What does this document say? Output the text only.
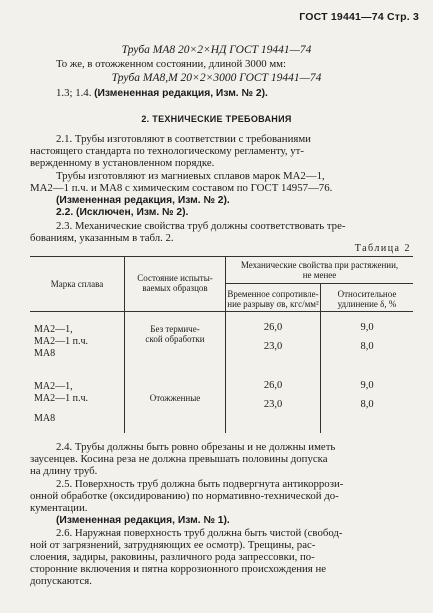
ГОСТ 19441—74 Стр. 3
Труба МА8 20×2×НД ГОСТ 19441—74
То же, в отожженном состоянии, длиной 3000 мм:
Труба МА8,М 20×2×3000 ГОСТ 19441—74
1.3; 1.4. (Измененная редакция, Изм. № 2).
2. ТЕХНИЧЕСКИЕ ТРЕБОВАНИЯ
2.1. Трубы изготовляют в соответствии с требованиями
настоящего стандарта по технологическому регламенту, ут-
вержденному в установленном порядке.
Трубы изготовляют из магниевых сплавов марок МА2—1,
МА2—1 п.ч. и МА8 с химическим составом по ГОСТ 14957—76.
(Измененная редакция, Изм. № 2).
2.2. (Исключен, Изм. № 2).
2.3. Механические свойства труб должны соответствовать тре-
бованиям, указанным в табл. 2.
Таблица 2
Марка сплава
Состояние испыты-
ваемых образцов
Механические свойства при растяжении,
не менее
Временное сопротивле-
ние разрыву σв, кгс/мм²
Относительное
удлинение δ, %
МА2—1,
МА2—1 п.ч.
МА8
Без термиче-
ской обработки
26,0
23,0
9,0
8,0
МА2—1,
МА2—1 п.ч.
МА8
Отожженные
26,0
23,0
9,0
8,0
2.4. Трубы должны быть ровно обрезаны и не должны иметь
заусенцев. Косина реза не должна превышать половины допуска
на длину труб.
2.5. Поверхность труб должна быть подвергнута антикоррози-
онной обработке (оксидированию) по нормативно-технической до-
кументации.
(Измененная редакция, Изм. № 1).
2.6. Наружная поверхность труб должна быть чистой (свобод-
ной от загрязнений, затрудняющих ее осмотр). Трещины, рас-
слоения, задиры, раковины, различного рода запрессовки, по-
сторонние включения и пятна коррозионного происхождения не
допускаются.
